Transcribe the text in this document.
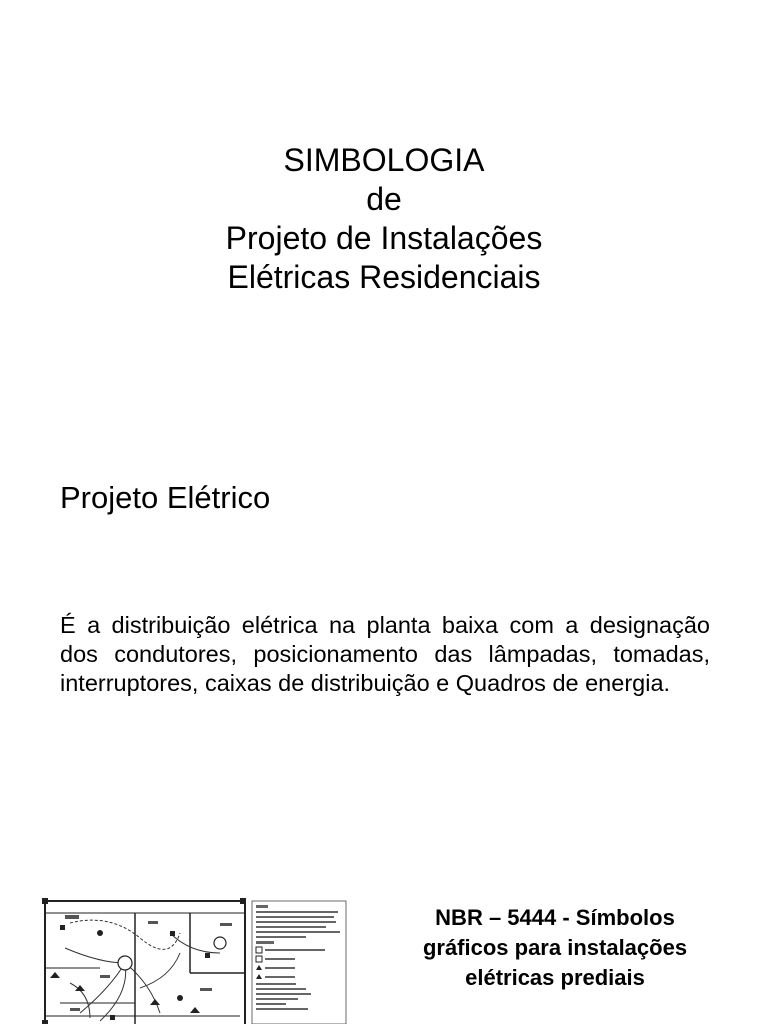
SIMBOLOGIA
de
Projeto de Instalações
Elétricas Residenciais
Projeto Elétrico
É a distribuição elétrica na planta baixa com a designação dos condutores, posicionamento das lâmpadas, tomadas, interruptores, caixas de distribuição e Quadros de energia.
NBR – 5444 - Símbolos
gráficos para instalações
elétricas prediais
